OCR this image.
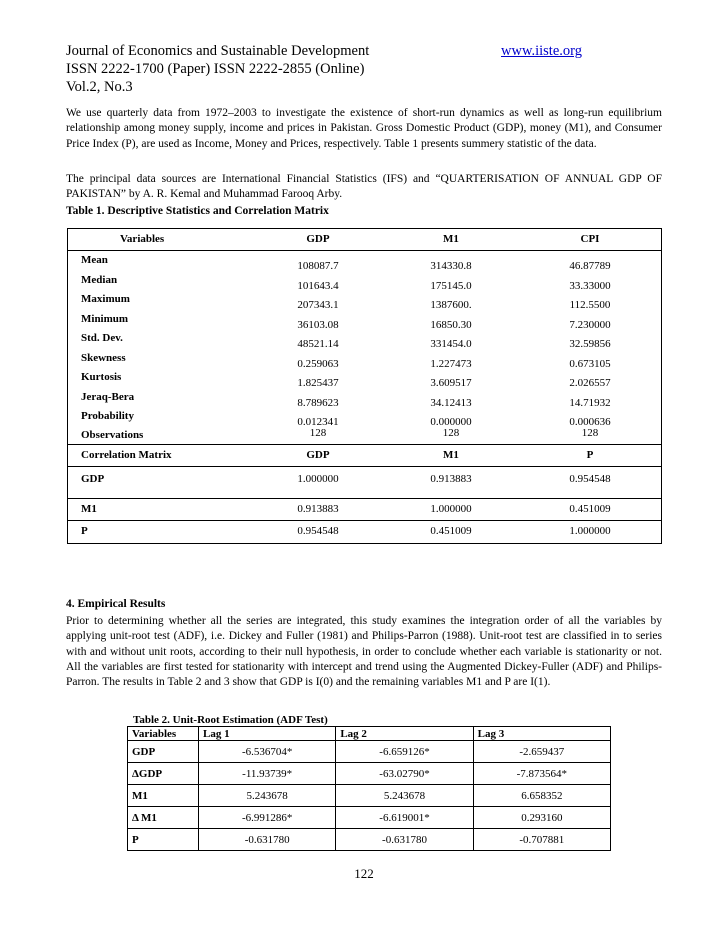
Journal of Economics and Sustainable Development	www.iiste.org
ISSN 2222-1700 (Paper) ISSN 2222-2855 (Online)
Vol.2, No.3
We use quarterly data from 1972–2003 to investigate the existence of short-run dynamics as well as long-run equilibrium relationship among money supply, income and prices in Pakistan. Gross Domestic Product (GDP), money (M1), and Consumer Price Index (P), are used as Income, Money and Prices, respectively. Table 1 presents summery statistic of the data.
The principal data sources are International Financial Statistics (IFS) and “QUARTERISATION OF ANNUAL GDP OF PAKISTAN” by A. R. Kemal and Muhammad Farooq Arby.
Table 1. Descriptive Statistics and Correlation Matrix
Variables	GDP	M1	CPI
Mean	108087.7	314330.8	46.87789
Median	101643.4	175145.0	33.33000
Maximum	207343.1	1387600.	112.5500
Minimum	36103.08	16850.30	7.230000
Std. Dev.	48521.14	331454.0	32.59856
Skewness	0.259063	1.227473	0.673105
Kurtosis	1.825437	3.609517	2.026557
Jeraq-Bera	8.789623	34.12413	14.71932
Probability	0.012341	0.000000	0.000636
Observations	128	128	128
Correlation Matrix	GDP	M1	P
GDP	1.000000	0.913883	0.954548
M1	0.913883	1.000000	0.451009
P	0.954548	0.451009	1.000000
4. Empirical Results
Prior to determining whether all the series are integrated, this study examines the integration order of all the variables by applying unit-root test (ADF), i.e. Dickey and Fuller (1981) and Philips-Parron (1988). Unit-root test are classified in to series with and without unit roots, according to their null hypothesis, in order to conclude whether each variable is stationarity or not. All the variables are first tested for stationarity with intercept and trend using the Augmented Dickey-Fuller (ADF) and Philips-Parron. The results in Table 2 and 3 show that GDP is I(0) and the remaining variables M1 and P are I(1).
Table 2. Unit-Root Estimation (ADF Test)
Variables	Lag 1	Lag 2	Lag 3
GDP	-6.536704*	-6.659126*	-2.659437
ΔGDP	-11.93739*	-63.02790*	-7.873564*
M1	5.243678	5.243678	6.658352
Δ M1	-6.991286*	-6.619001*	0.293160
P	-0.631780	-0.631780	-0.707881
122
